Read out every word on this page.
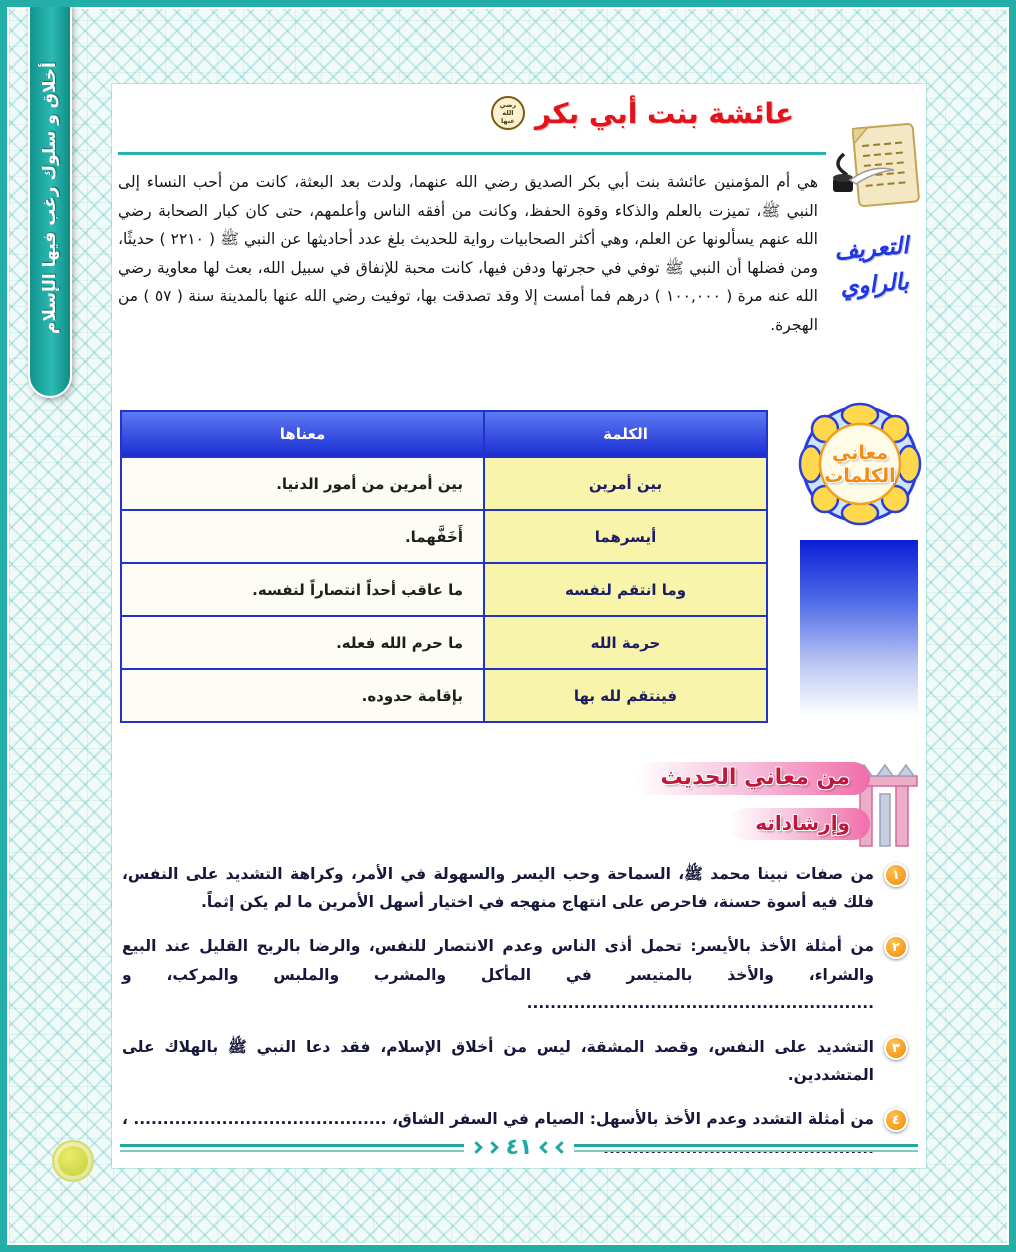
أخلاق و سلوك رغب فيها الإسلام	عائشة بنت أبي بكر
رضي الله عنها
التعريف
بالراوي

هي أم المؤمنين عائشة بنت أبي بكر الصديق رضي الله عنهما، ولدت بعد البعثة، كانت من أحب النساء إلى النبي ﷺ، تميزت بالعلم والذكاء وقوة الحفظ، وكانت من أفقه الناس وأعلمهم، حتى كان كبار الصحابة رضي الله عنهم يسألونها عن العلم، وهي أكثر الصحابيات رواية للحديث بلغ عدد أحاديثها عن النبي ﷺ ( ٢٢١٠ ) حديثًا، ومن فضلها أن النبي ﷺ توفي في حجرتها ودفن فيها، كانت محبة للإنفاق في سبيل الله، بعث لها معاوية رضي الله عنه مرة ( ١٠٠,٠٠٠ ) درهم فما أمست إلا وقد تصدقت بها، توفيت رضي الله عنها بالمدينة سنة ( ٥٧ ) من الهجرة.

الكلمة	معناها
بين أمرين	بين أمرين من أمور الدنيا.
أيسرهما	أَخَفَّهما.
وما انتقم لنفسه	ما عاقب أحداً انتصاراً لنفسه.
حرمة الله	ما حرم الله فعله.
فينتقم لله بها	بإقامة حدوده.
معاني
الكلمات
من معاني الحديث
وإرشاداته
١
من صفات نبينا محمد ﷺ، السماحة وحب اليسر والسهولة في الأمر، وكراهة التشديد على النفس، فلك فيه أسوة حسنة، فاحرص على انتهاج منهجه في اختيار أسهل الأمرين ما لم يكن إثماً.
٢
من أمثلة الأخذ بالأيسر: تحمل أذى الناس وعدم الانتصار للنفس، والرضا بالربح القليل عند البيع والشراء، والأخذ بالمتيسر في المأكل والمشرب والملبس والمركب، و ...........................................................
٣
التشديد على النفس، وقصد المشقة، ليس من أخلاق الإسلام، فقد دعا النبي ﷺ بالهلاك على المتشددين.
٤
من أمثلة التشدد وعدم الأخذ بالأسهل: الصيام في السفر الشاق، ........................................... ، ..............................................
٤١
